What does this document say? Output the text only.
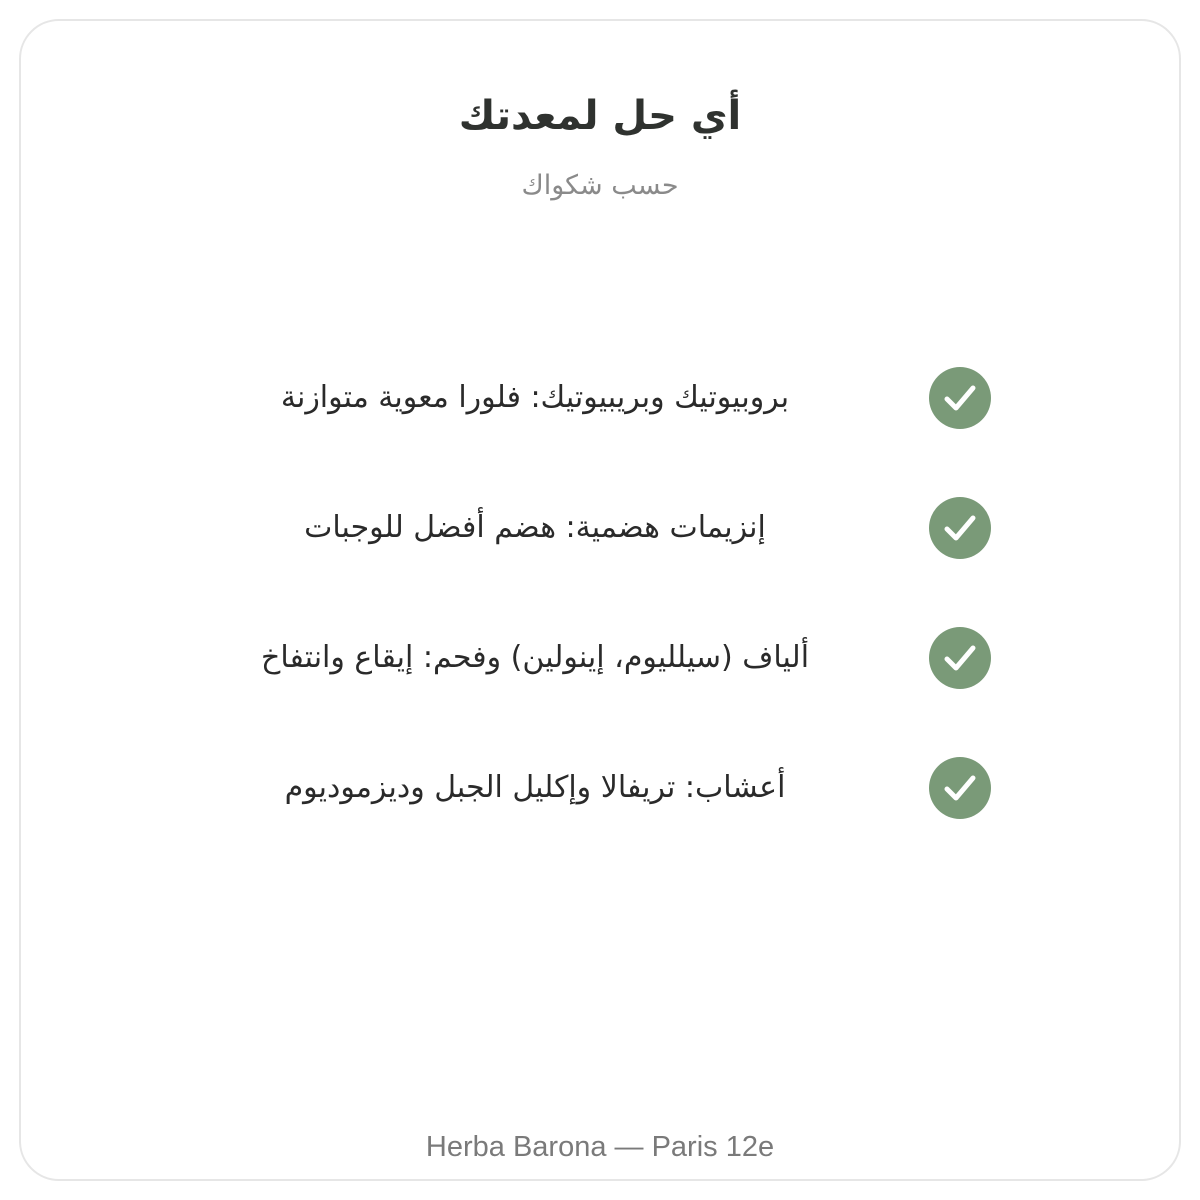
أي حل لمعدتك
حسب شكواك
بروبيوتيك وبريبيوتيك: فلورا معوية متوازنة
إنزيمات هضمية: هضم أفضل للوجبات
ألياف (سيلليوم، إينولين) وفحم: إيقاع وانتفاخ
أعشاب: تريفالا وإكليل الجبل وديزموديوم
Herba Barona — Paris 12e
